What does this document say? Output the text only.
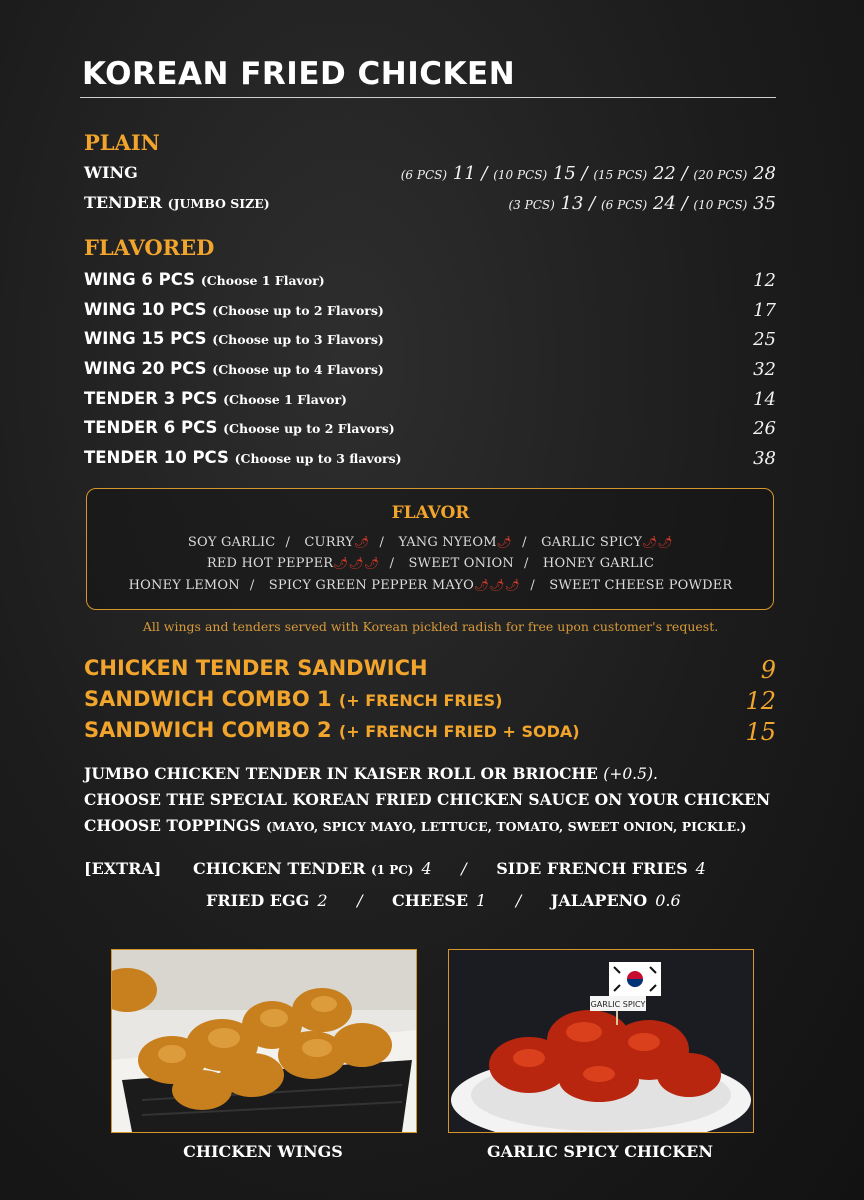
KOREAN FRIED CHICKEN
PLAIN
WING	(6 PCS) 11 / (10 PCS) 15 / (15 PCS) 22 / (20 PCS) 28
TENDER (JUMBO SIZE)	(3 PCS) 13 / (6 PCS) 24 / (10 PCS) 35
FLAVORED
WING 6 PCS (Choose 1 Flavor)	12
WING 10 PCS (Choose up to 2 Flavors)	17
WING 15 PCS (Choose up to 3 Flavors)	25
WING 20 PCS (Choose up to 4 Flavors)	32
TENDER 3 PCS (Choose 1 Flavor)	14
TENDER 6 PCS (Choose up to 2 Flavors)	26
TENDER 10 PCS (Choose up to 3 flavors)	38
FLAVOR
SOY GARLIC / CURRY🌶 / YANG NYEOM🌶 / GARLIC SPICY🌶🌶
RED HOT PEPPER🌶🌶🌶 / SWEET ONION / HONEY GARLIC
HONEY LEMON / SPICY GREEN PEPPER MAYO🌶🌶🌶 / SWEET CHEESE POWDER
All wings and tenders served with Korean pickled radish for free upon customer's request.
CHICKEN TENDER SANDWICH	9
SANDWICH COMBO 1 (+ FRENCH FRIES)	12
SANDWICH COMBO 2 (+ FRENCH FRIED + SODA)	15
JUMBO CHICKEN TENDER IN KAISER ROLL OR BRIOCHE (+0.5).
CHOOSE THE SPECIAL KOREAN FRIED CHICKEN SAUCE ON YOUR CHICKEN
CHOOSE TOPPINGS (MAYO, SPICY MAYO, LETTUCE, TOMATO, SWEET ONION, PICKLE.)
[EXTRA] CHICKEN TENDER (1 PC) 4 / SIDE FRENCH FRIES 4
FRIED EGG 2 / CHEESE 1 / JALAPENO 0.6
CHICKEN WINGS
GARLIC SPICY
GARLIC SPICY CHICKEN
